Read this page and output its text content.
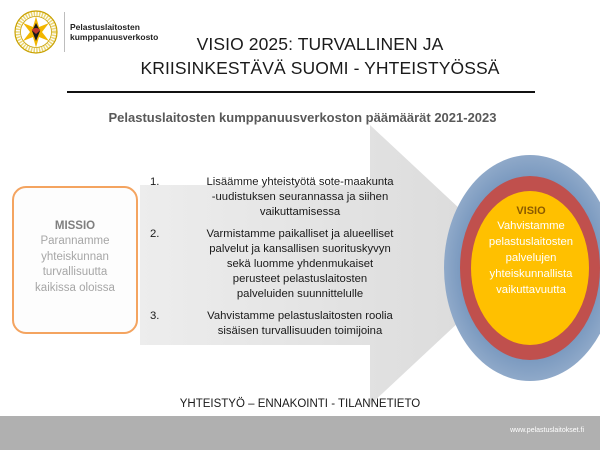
Pelastuslaitosten
kumppanuusverkosto	VISIO 2025: TURVALLINEN JA
KRIISINKESTÄVÄ SUOMI - YHTEISTYÖSSÄ
Pelastuslaitosten kumppanuusverkoston päämäärät 2021-2023
MISSIO
Parannamme
yhteiskunnan
turvallisuutta
kaikissa oloissa
1.	Lisäämme yhteistyötä sote-maakunta
-uudistuksen seurannassa ja siihen
vaikuttamisessa
2.	Varmistamme paikalliset ja alueelliset
palvelut ja kansallisen suorituskyvyn
sekä luomme yhdenmukaiset
perusteet pelastuslaitosten
palveluiden suunnittelulle
3.	Vahvistamme pelastuslaitosten roolia
sisäisen turvallisuuden toimijoina
VISIO
Vahvistamme
pelastuslaitosten
palvelujen
yhteiskunnallista
vaikuttavuutta
YHTEISTYÖ – ENNAKOINTI - TILANNETIETO
www.pelastuslaitokset.fi
